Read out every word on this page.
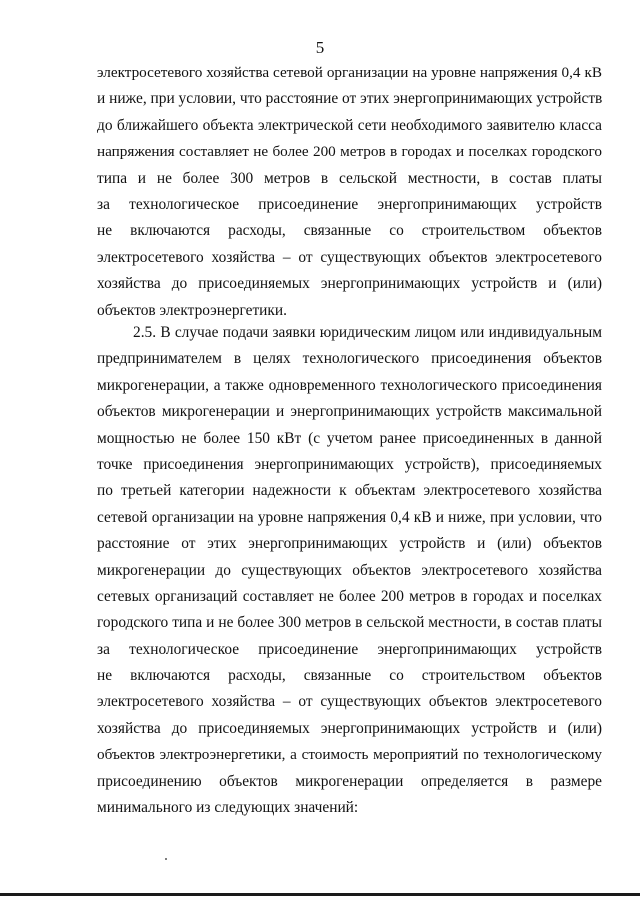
5
электросетевого хозяйства сетевой организации на уровне напряжения 0,4 кВ
и ниже, при условии, что расстояние от этих энергопринимающих устройств
до ближайшего объекта электрической сети необходимого заявителю класса
напряжения составляет не более 200 метров в городах и поселках городского
типа и не более 300 метров в сельской местности, в состав платы
за технологическое присоединение энергопринимающих устройств
не включаются расходы, связанные со строительством объектов
электросетевого хозяйства – от существующих объектов электросетевого
хозяйства до присоединяемых энергопринимающих устройств и (или)
объектов электроэнергетики.
2.5. В случае подачи заявки юридическим лицом или индивидуальным
предпринимателем в целях технологического присоединения объектов
микрогенерации, а также одновременного технологического присоединения
объектов микрогенерации и энергопринимающих устройств максимальной
мощностью не более 150 кВт (с учетом ранее присоединенных в данной
точке присоединения энергопринимающих устройств), присоединяемых
по третьей категории надежности к объектам электросетевого хозяйства
сетевой организации на уровне напряжения 0,4 кВ и ниже, при условии, что
расстояние от этих энергопринимающих устройств и (или) объектов
микрогенерации до существующих объектов электросетевого хозяйства
сетевых организаций составляет не более 200 метров в городах и поселках
городского типа и не более 300 метров в сельской местности, в состав платы
за технологическое присоединение энергопринимающих устройств
не включаются расходы, связанные со строительством объектов
электросетевого хозяйства – от существующих объектов электросетевого
хозяйства до присоединяемых энергопринимающих устройств и (или)
объектов электроэнергетики, а стоимость мероприятий по технологическому
присоединению объектов микрогенерации определяется в размере
минимального из следующих значений:
